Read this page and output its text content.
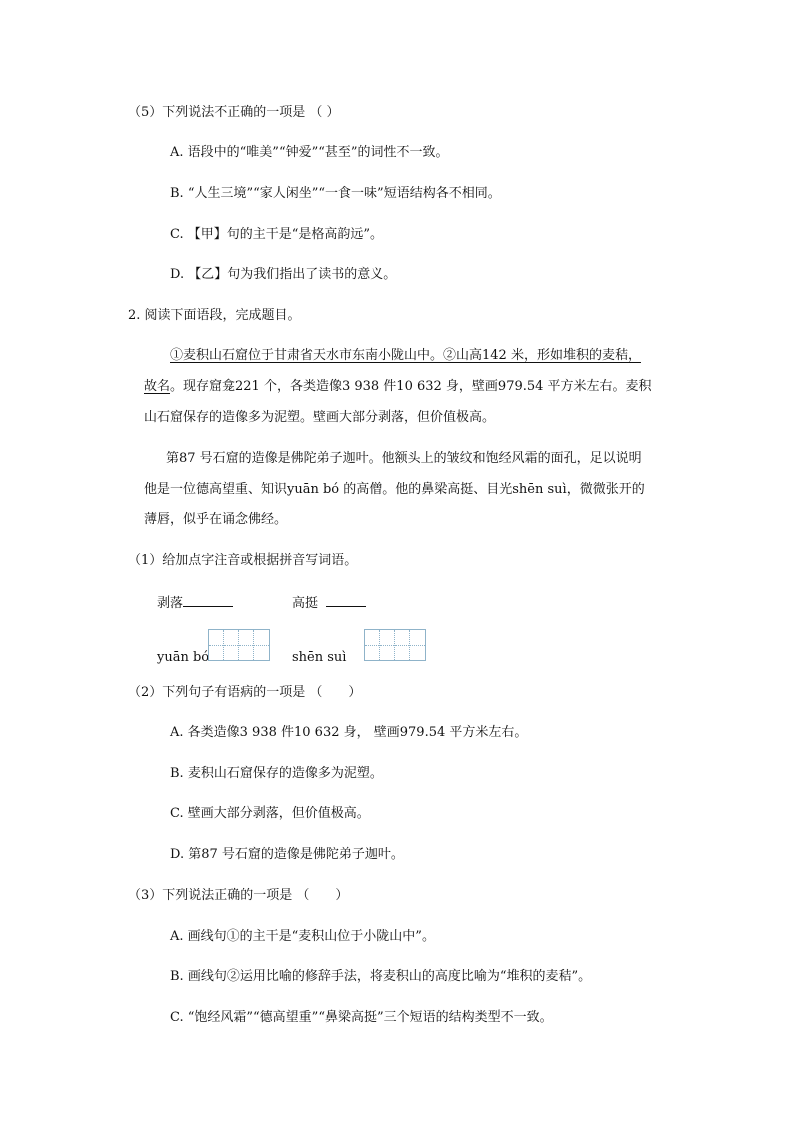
（5）下列说法不正确的一项是 （ ）
A. 语段中的“唯美”“钟爱”“甚至”的词性不一致。
B. “人生三境”“家人闲坐”“一食一味”短语结构各不相同。
C. 【甲】句的主干是“是格高韵远”。
D. 【乙】句为我们指出了读书的意义。
2. 阅读下面语段，完成题目。
①麦积山石窟位于甘肃省天水市东南小陇山中。②山高142 米，形如堆积的麦秸，
故名。现存窟龛221 个，各类造像3 938 件10 632 身，壁画979.54 平方米左右。麦积
山石窟保存的造像多为泥塑。壁画大部分剥落，但价值极高。
第87 号石窟的造像是佛陀弟子迦叶。他额头上的皱纹和饱经风霜的面孔，足以说明
他是一位德高望重、知识yuān bó 的高僧。他的鼻梁高挺、目光shēn suì，微微张开的
薄唇，似乎在诵念佛经。
（1）给加点字注音或根据拼音写词语。
剥落	高挺
yuān bó	shēn suì
（2）下列句子有语病的一项是 （　　）
A. 各类造像3 938 件10 632 身， 壁画979.54 平方米左右。
B. 麦积山石窟保存的造像多为泥塑。
C. 壁画大部分剥落，但价值极高。
D. 第87 号石窟的造像是佛陀弟子迦叶。
（3）下列说法正确的一项是 （　　）
A. 画线句①的主干是“麦积山位于小陇山中”。
B. 画线句②运用比喻的修辞手法，将麦积山的高度比喻为“堆积的麦秸”。
C. “饱经风霜”“德高望重”“鼻梁高挺”三个短语的结构类型不一致。
